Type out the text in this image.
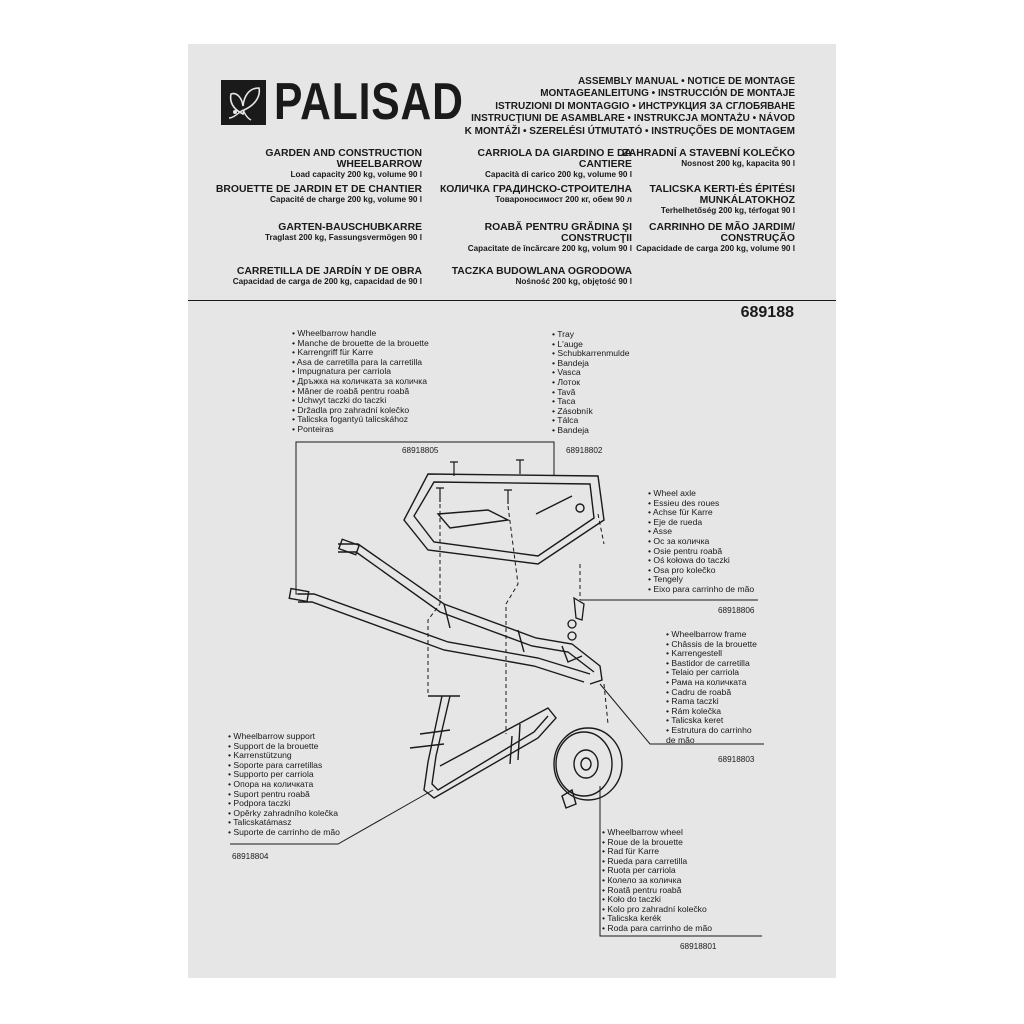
PALISAD	ASSEMBLY MANUAL • NOTICE DE MONTAGE
MONTAGEANLEITUNG • INSTRUCCIÓN DE MONTAJE
ISTRUZIONI DI MONTAGGIO • ИНСТРУКЦИЯ ЗА СГЛОБЯВАНЕ
INSTRUCŢIUNI DE ASAMBLARE • INSTRUKCJA MONTAŻU • NÁVOD
K MONTÁŽI • SZERELÉSI ÚTMUTATÓ • INSTRUÇÕES DE MONTAGEM
GARDEN AND CONSTRUCTION WHEELBARROW
Load capacity 200 kg, volume 90 l
BROUETTE DE JARDIN ET DE CHANTIER
Capacité de charge 200 kg, volume 90 l
GARTEN-BAUSCHUBKARRE
Traglast 200 kg, Fassungsvermögen 90 l
CARRETILLA DE JARDÍN Y DE OBRA
Capacidad de carga de 200 kg, capacidad de 90 l
CARRIOLA DA GIARDINO E DA CANTIERE
Capacità di carico 200 kg, volume 90 l
КОЛИЧКА ГРАДИНСКО-СТРОИТЕЛНА
Товароносимост 200 кг, обем 90 л
ROABĂ PENTRU GRĂDINA ŞI CONSTRUCŢII
Capacitate de încărcare 200 kg, volum 90 l
TACZKA BUDOWLANA OGRODOWA
Nośność 200 kg, objętość 90 l
ZAHRADNÍ A STAVEBNÍ KOLEČKO
Nosnost 200 kg, kapacita 90 l
TALICSKA KERTI-ÉS ÉPITÉSI MUNKÁLATOKHOZ
Terhelhetőség 200 kg, térfogat 90 l
CARRINHO DE MÃO JARDIM/ CONSTRUÇÃO
Capacidade de carga 200 kg, volume 90 l
689188
• Wheelbarrow handle
• Manche de brouette de la brouette
• Karrengriff für Karre
• Asa de carretilla para la carretilla
• Impugnatura per carriola
• Дръжка на количката за количка
• Mâner de roabă pentru roabă
• Uchwyt taczki do taczki
• Držadla pro zahradní kolečko
• Talicska fogantyú talicskához
• Ponteiras
68918805
• Tray
• L'auge
• Schubkarrenmulde
• Bandeja
• Vasca
• Лоток
• Tavă
• Taca
• Zásobník
• Tálca
• Bandeja
68918802
• Wheel axle
• Essieu des roues
• Achse für Karre
• Eje de rueda
• Asse
• Ос за количка
• Osie pentru roabă
• Oś kołowa do taczki
• Osa pro kolečko
• Tengely
• Eixo para carrinho de mão
68918806
• Wheelbarrow frame
• Châssis de la brouette
• Karrengestell
• Bastidor de carretilla
• Telaio per carriola
• Рама на количката
• Cadru de roabă
• Rama taczki
• Rám kolečka
• Talicska keret
• Estrutura do carrinho de mão
68918803
• Wheelbarrow support
• Support de la brouette
• Karrenstützung
• Soporte para carretillas
• Supporto per carriola
• Опора на количката
• Suport pentru roabă
• Podpora taczki
• Opěrky zahradního kolečka
• Talicskatámasz
• Suporte de carrinho de mão
68918804
• Wheelbarrow wheel
• Roue de la brouette
• Rad für Karre
• Rueda para carretilla
• Ruota per carriola
• Колело за количка
• Roată pentru roabă
• Koło do taczki
• Kolo pro zahradní kolečko
• Talicska kerék
• Roda para carrinho de mão
68918801
